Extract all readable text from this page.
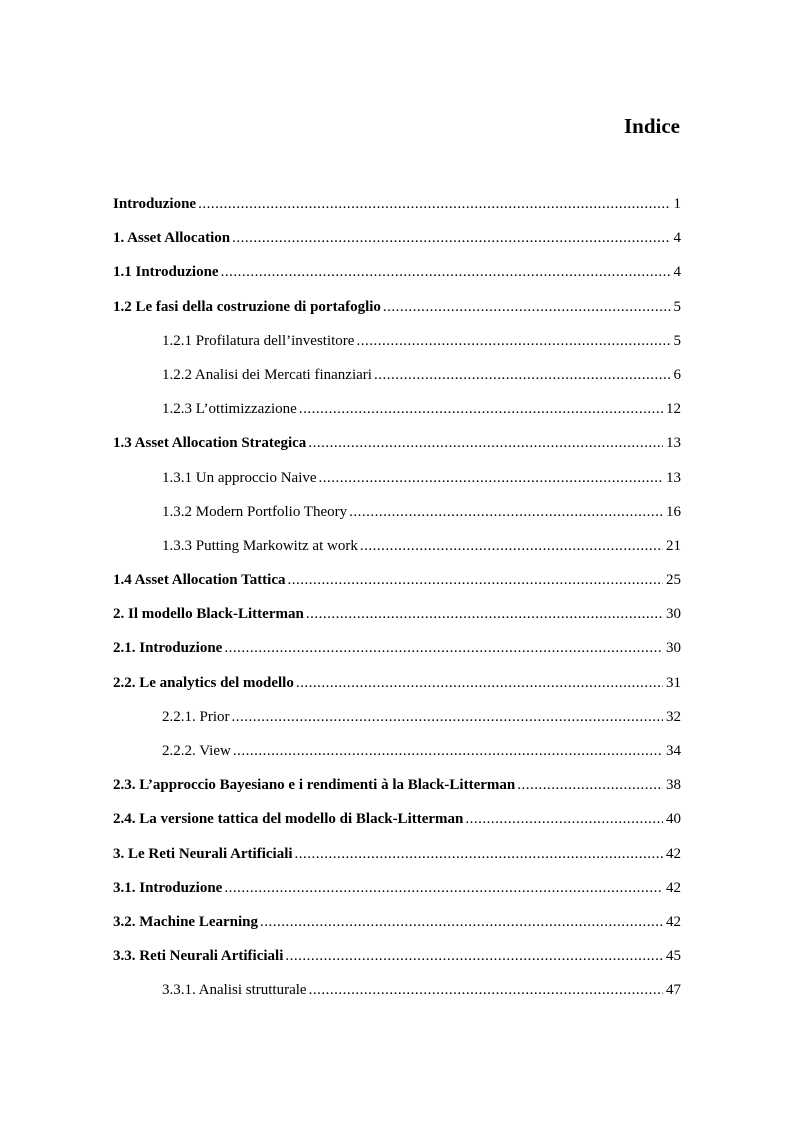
Indice
Introduzione .....	1
1. Asset Allocation .....	4
1.1 Introduzione .....	4
1.2 Le fasi della costruzione di portafoglio .....	5
1.2.1 Profilatura dell’investitore .....	5
1.2.2 Analisi dei Mercati finanziari .....	6
1.2.3 L’ottimizzazione .....	12
1.3 Asset Allocation Strategica .....	13
1.3.1 Un approccio Naive .....	13
1.3.2 Modern Portfolio Theory .....	16
1.3.3 Putting Markowitz at work .....	21
1.4 Asset Allocation Tattica .....	25
2. Il modello Black-Litterman .....	30
2.1. Introduzione .....	30
2.2. Le analytics del modello .....	31
2.2.1. Prior .....	32
2.2.2. View .....	34
2.3. L’approccio Bayesiano e i rendimenti à la Black-Litterman .....	38
2.4. La versione tattica del modello di Black-Litterman .....	40
3. Le Reti Neurali Artificiali .....	42
3.1. Introduzione .....	42
3.2. Machine Learning .....	42
3.3. Reti Neurali Artificiali .....	45
3.3.1. Analisi strutturale .....	47
